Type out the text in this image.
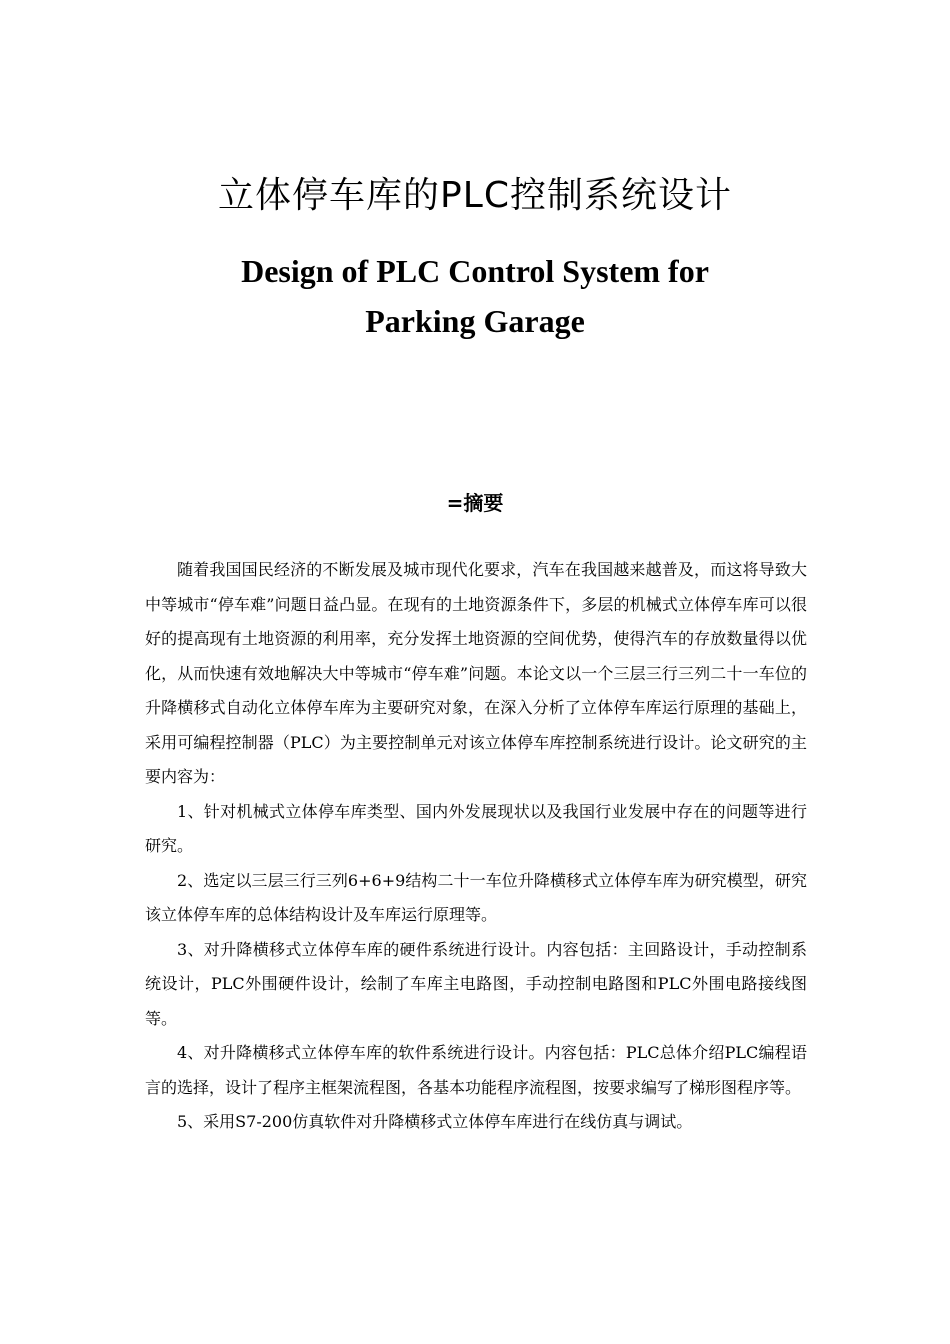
立体停车库的PLC控制系统设计
Design of PLC Control System for
Parking Garage
=摘要

随着我国国民经济的不断发展及城市现代化要求，汽车在我国越来越普及，而这将导致大中等城市“停车难”问题日益凸显。在现有的土地资源条件下，多层的机械式立体停车库可以很好的提高现有土地资源的利用率，充分发挥土地资源的空间优势，使得汽车的存放数量得以优化，从而快速有效地解决大中等城市“停车难”问题。本论文以一个三层三行三列二十一车位的升降横移式自动化立体停车库为主要研究对象，在深入分析了立体停车库运行原理的基础上，采用可编程控制器（PLC）为主要控制单元对该立体停车库控制系统进行设计。论文研究的主要内容为：

1、针对机械式立体停车库类型、国内外发展现状以及我国行业发展中存在的问题等进行研究。

2、选定以三层三行三列6+6+9结构二十一车位升降横移式立体停车库为研究模型，研究该立体停车库的总体结构设计及车库运行原理等。

3、对升降横移式立体停车库的硬件系统进行设计。内容包括：主回路设计，手动控制系统设计，PLC外围硬件设计，绘制了车库主电路图，手动控制电路图和PLC外围电路接线图等。

4、对升降横移式立体停车库的软件系统进行设计。内容包括：PLC总体介绍PLC编程语言的选择，设计了程序主框架流程图，各基本功能程序流程图，按要求编写了梯形图程序等。

5、采用S7-200仿真软件对升降横移式立体停车库进行在线仿真与调试。
